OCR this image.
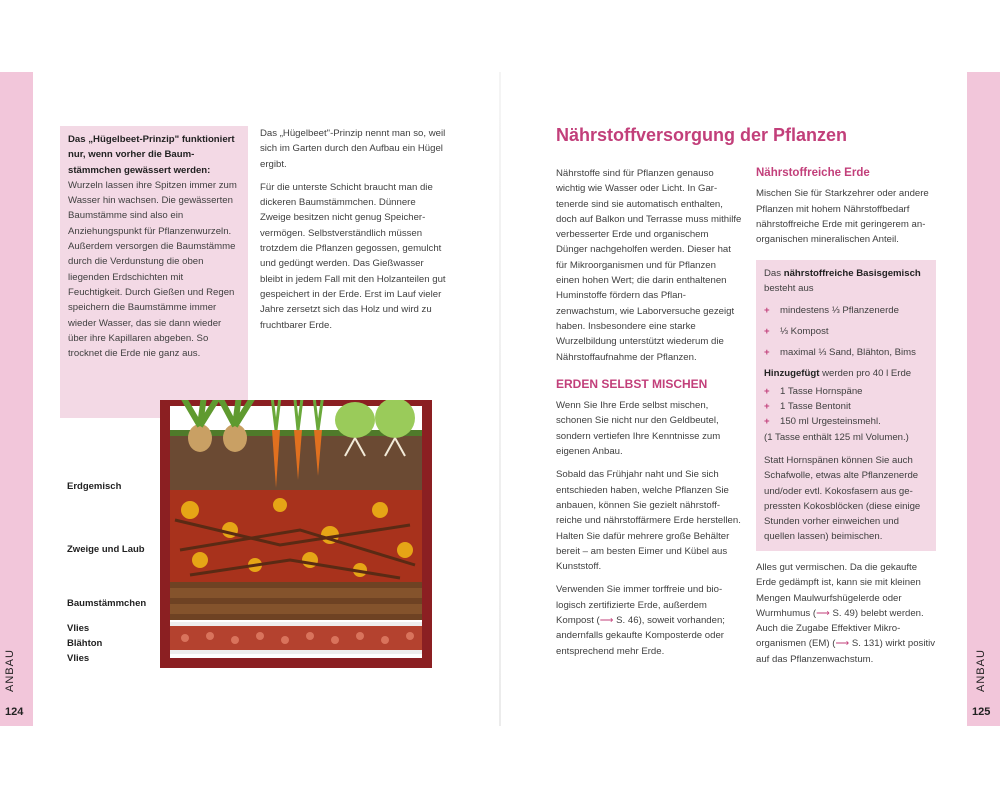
ANBAU
124
ANBAU
125

Das „Hügelbeet-Prinzip" funktioniert nur, wenn vorher die Baumstämmchen gewässert werden:

Wurzeln lassen ihre Spitzen immer zum Wasser hin wachsen. Die gewässerten Baumstämme sind also ein Anziehungspunkt für Pflanzenwurzeln. Außerdem versorgen die Baumstämme durch die Verdunstung die oben liegenden Erdschichten mit Feuchtigkeit. Durch Gießen und Regen speichern die Baumstämme immer wieder Wasser, das sie dann wieder über ihre Kapillaren abgeben. So trocknet die Erde nie ganz aus.

Das „Hügelbeet"-Prinzip nennt man so, weil sich im Garten durch den Aufbau ein Hügel ergibt.

Für die unterste Schicht braucht man die dickeren Baumstämmchen. Dünnere Zweige besitzen nicht genug Speichervermögen. Selbstverständlich müssen trotzdem die Pflanzen gegossen, gemulcht und gedüngt werden. Das Gießwasser bleibt in jedem Fall mit den Holzanteilen gut gespeichert in der Erde. Erst im Lauf vieler Jahre zersetzt sich das Holz und wird zu fruchtbarer Erde.

Erdgemisch
Zweige und Laub
Baumstämmchen
Vlies
Blähton
Vlies
Nährstoffversorgung der Pflanzen

Nährstoffe sind für Pflanzen genauso wichtig wie Wasser oder Licht. In Gartenerde sind sie automatisch enthalten, doch auf Balkon und Terrasse muss mithilfe verbesserter Erde und organischem Dünger nachgeholfen werden. Dieser hat für Mikroorganismen und für Pflanzen einen hohen Wert; die darin enthaltenen Huminstoffe fördern das Pflanzenwachstum, wie Laborversuche gezeigt haben. Insbesondere eine starke Wurzelbildung unterstützt wiederum die Nährstoffaufnahme der Pflanzen.

ERDEN SELBST MISCHEN

Wenn Sie Ihre Erde selbst mischen, schonen Sie nicht nur den Geldbeutel, sondern vertiefen Ihre Kenntnisse zum eigenen Anbau.

Sobald das Frühjahr naht und Sie sich entschieden haben, welche Pflanzen Sie anbauen, können Sie gezielt nährstoffreiche und nährstoffärmere Erde herstellen. Halten Sie dafür mehrere große Behälter bereit – am besten Eimer und Kübel aus Kunststoff.

Verwenden Sie immer torffreie und biologisch zertifizierte Erde, außerdem Kompost (⟶ S. 46), soweit vorhanden; andernfalls gekaufte Komposterde oder entsprechend mehr Erde.

Nährstoffreiche Erde

Mischen Sie für Starkzehrer oder andere Pflanzen mit hohem Nährstoffbedarf nährstoffreiche Erde mit geringerem anorganischen mineralischen Anteil.

Das nährstoffreiche Basisgemisch besteht aus

+ mindestens ⅓ Pflanzenerde
+ ⅓ Kompost
+ maximal ⅓ Sand, Blähton, Bims

Hinzugefügt werden pro 40 l Erde

+ 1 Tasse Hornspäne
+ 1 Tasse Bentonit
+ 150 ml Urgesteinsmehl.

(1 Tasse enthält 125 ml Volumen.)

Statt Hornspänen können Sie auch Schafwolle, etwas alte Pflanzenerde und/oder evtl. Kokosfasern aus gepressten Kokosblöcken (diese einige Stunden vorher einweichen und quellen lassen) beimischen.

Alles gut vermischen. Da die gekaufte Erde gedämpft ist, kann sie mit kleinen Mengen Maulwurfshügelerde oder Wurmhumus (⟶ S. 49) belebt werden. Auch die Zugabe Effektiver Mikroorganismen (EM) (⟶ S. 131) wirkt positiv auf das Pflanzenwachstum.
